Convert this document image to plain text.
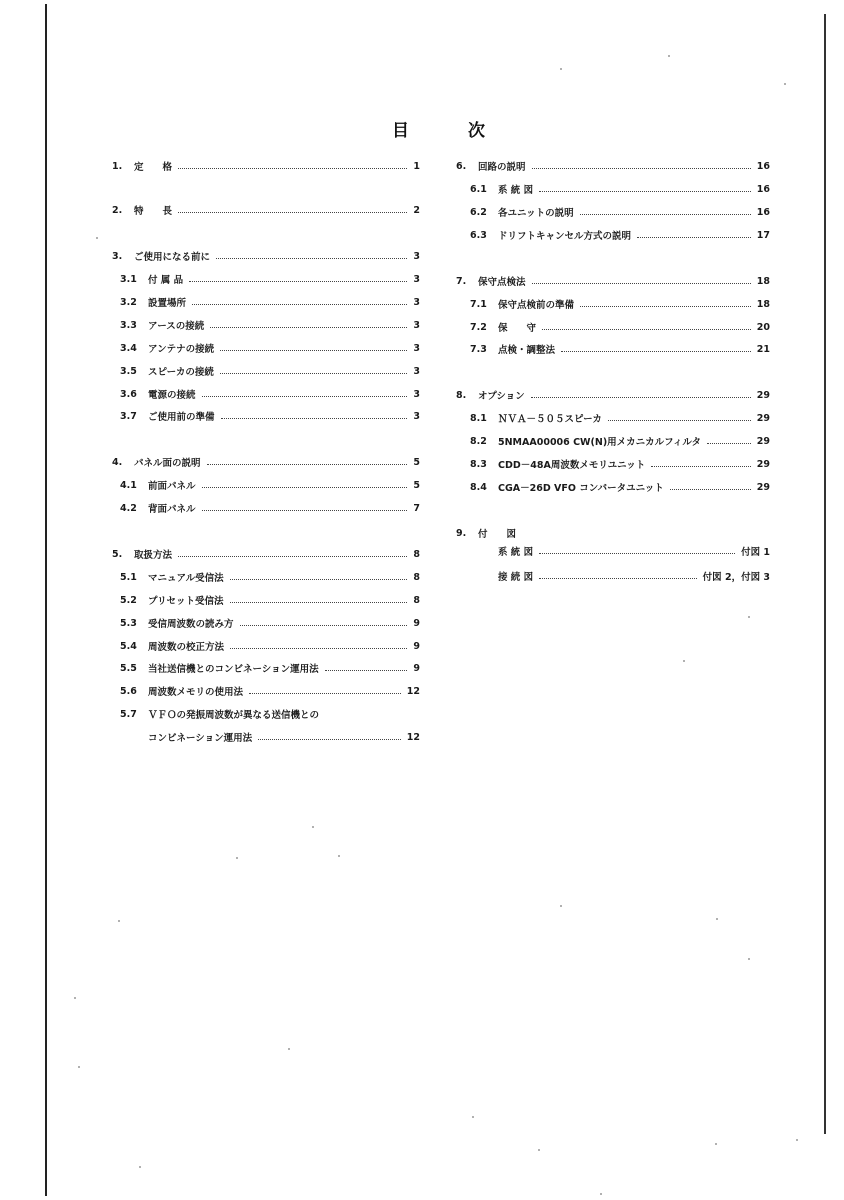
目	次
1.	定　　格	1
2.	特　　長	2
3.	ご使用になる前に	3
3.1	付 属 品	3
3.2	設置場所	3
3.3	アースの接続	3
3.4	アンテナの接続	3
3.5	スピーカの接続	3
3.6	電源の接続	3
3.7	ご使用前の準備	3
4.	パネル面の説明	5
4.1	前面パネル	5
4.2	背面パネル	7
5.	取扱方法	8
5.1	マニュアル受信法	8
5.2	プリセット受信法	8
5.3	受信周波数の読み方	9
5.4	周波数の校正方法	9
5.5	当社送信機とのコンビネーション運用法	9
5.6	周波数メモリの使用法	12
5.7	ＶＦＯの発振周波数が異なる送信機との
コンビネーション運用法	12
6.	回路の説明	16
6.1	系 統 図	16
6.2	各ユニットの説明	16
6.3	ドリフトキャンセル方式の説明	17
7.	保守点検法	18
7.1	保守点検前の準備	18
7.2	保　　守	20
7.3	点検・調整法	21
8.	オプション	29
8.1	ＮＶＡ－５０５スピーカ	29
8.2	5NMAA00006 CW(N)用メカニカルフィルタ	29
8.3	CDD－48A周波数メモリユニット	29
8.4	CGA－26D VFO コンバータユニット	29
9.	付　　図
系 統 図	付図 1
接 続 図	付図 2，付図 3
